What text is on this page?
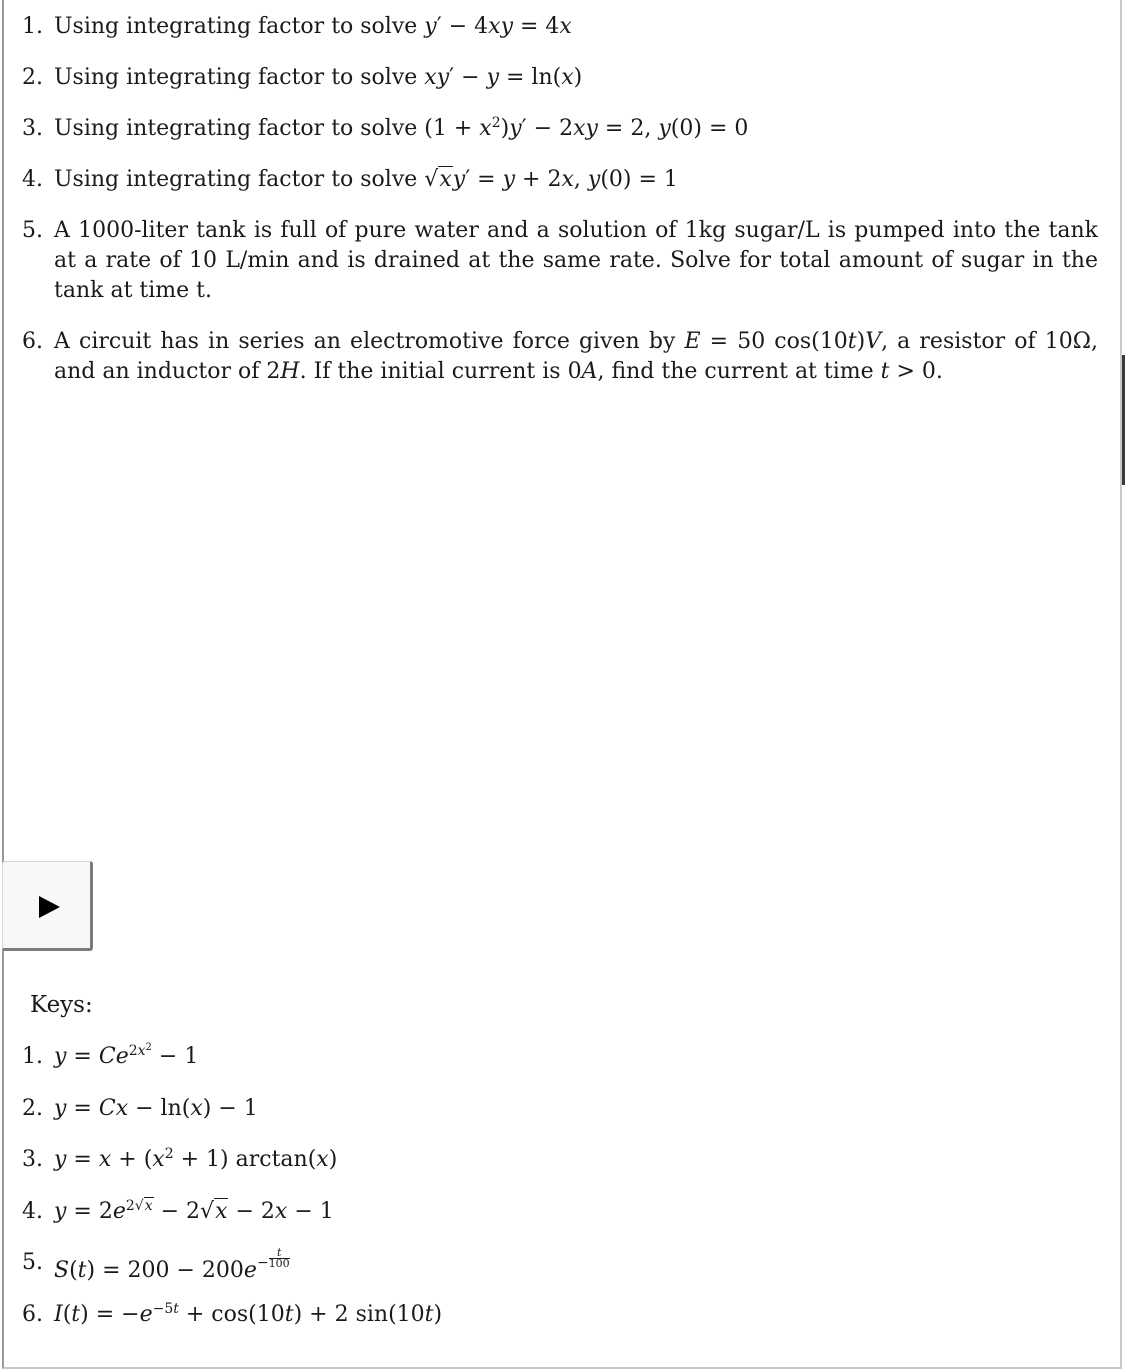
1. Using integrating factor to solve y′ − 4xy = 4x
2. Using integrating factor to solve xy′ − y = ln(x)
3. Using integrating factor to solve $(1 + x^2)y' - 2xy = 2$, y(0) = 0
4. Using integrating factor to solve √xy′ = y + 2x, y(0) = 1
5. A 1000-liter tank is full of pure water and a solution of 1kg sugar/L is pumped into the tank at a rate of 10 L/min and is drained at the same rate. Solve for total amount of sugar in the tank at time t.
6. A circuit has in series an electromotive force given by E = 50 cos(10t)V, a resistor of 10Ω, and an inductor of 2H. If the initial current is 0A, find the current at time t > 0.
Keys:
1. $y = Ce^{2x^2} - 1$
2. y = Cx − ln(x) − 1
3. $y = x + (x^2 + 1)$ arctan(x)
4. $y = 2e^{2√x} - 2√x - 2x - 1$
5. $S(t) = 200 - 200e^- \frac{t}{100}$
6. $I(t) = -e^{-5t} + \cos(10t) + 2$ sin(10t)
